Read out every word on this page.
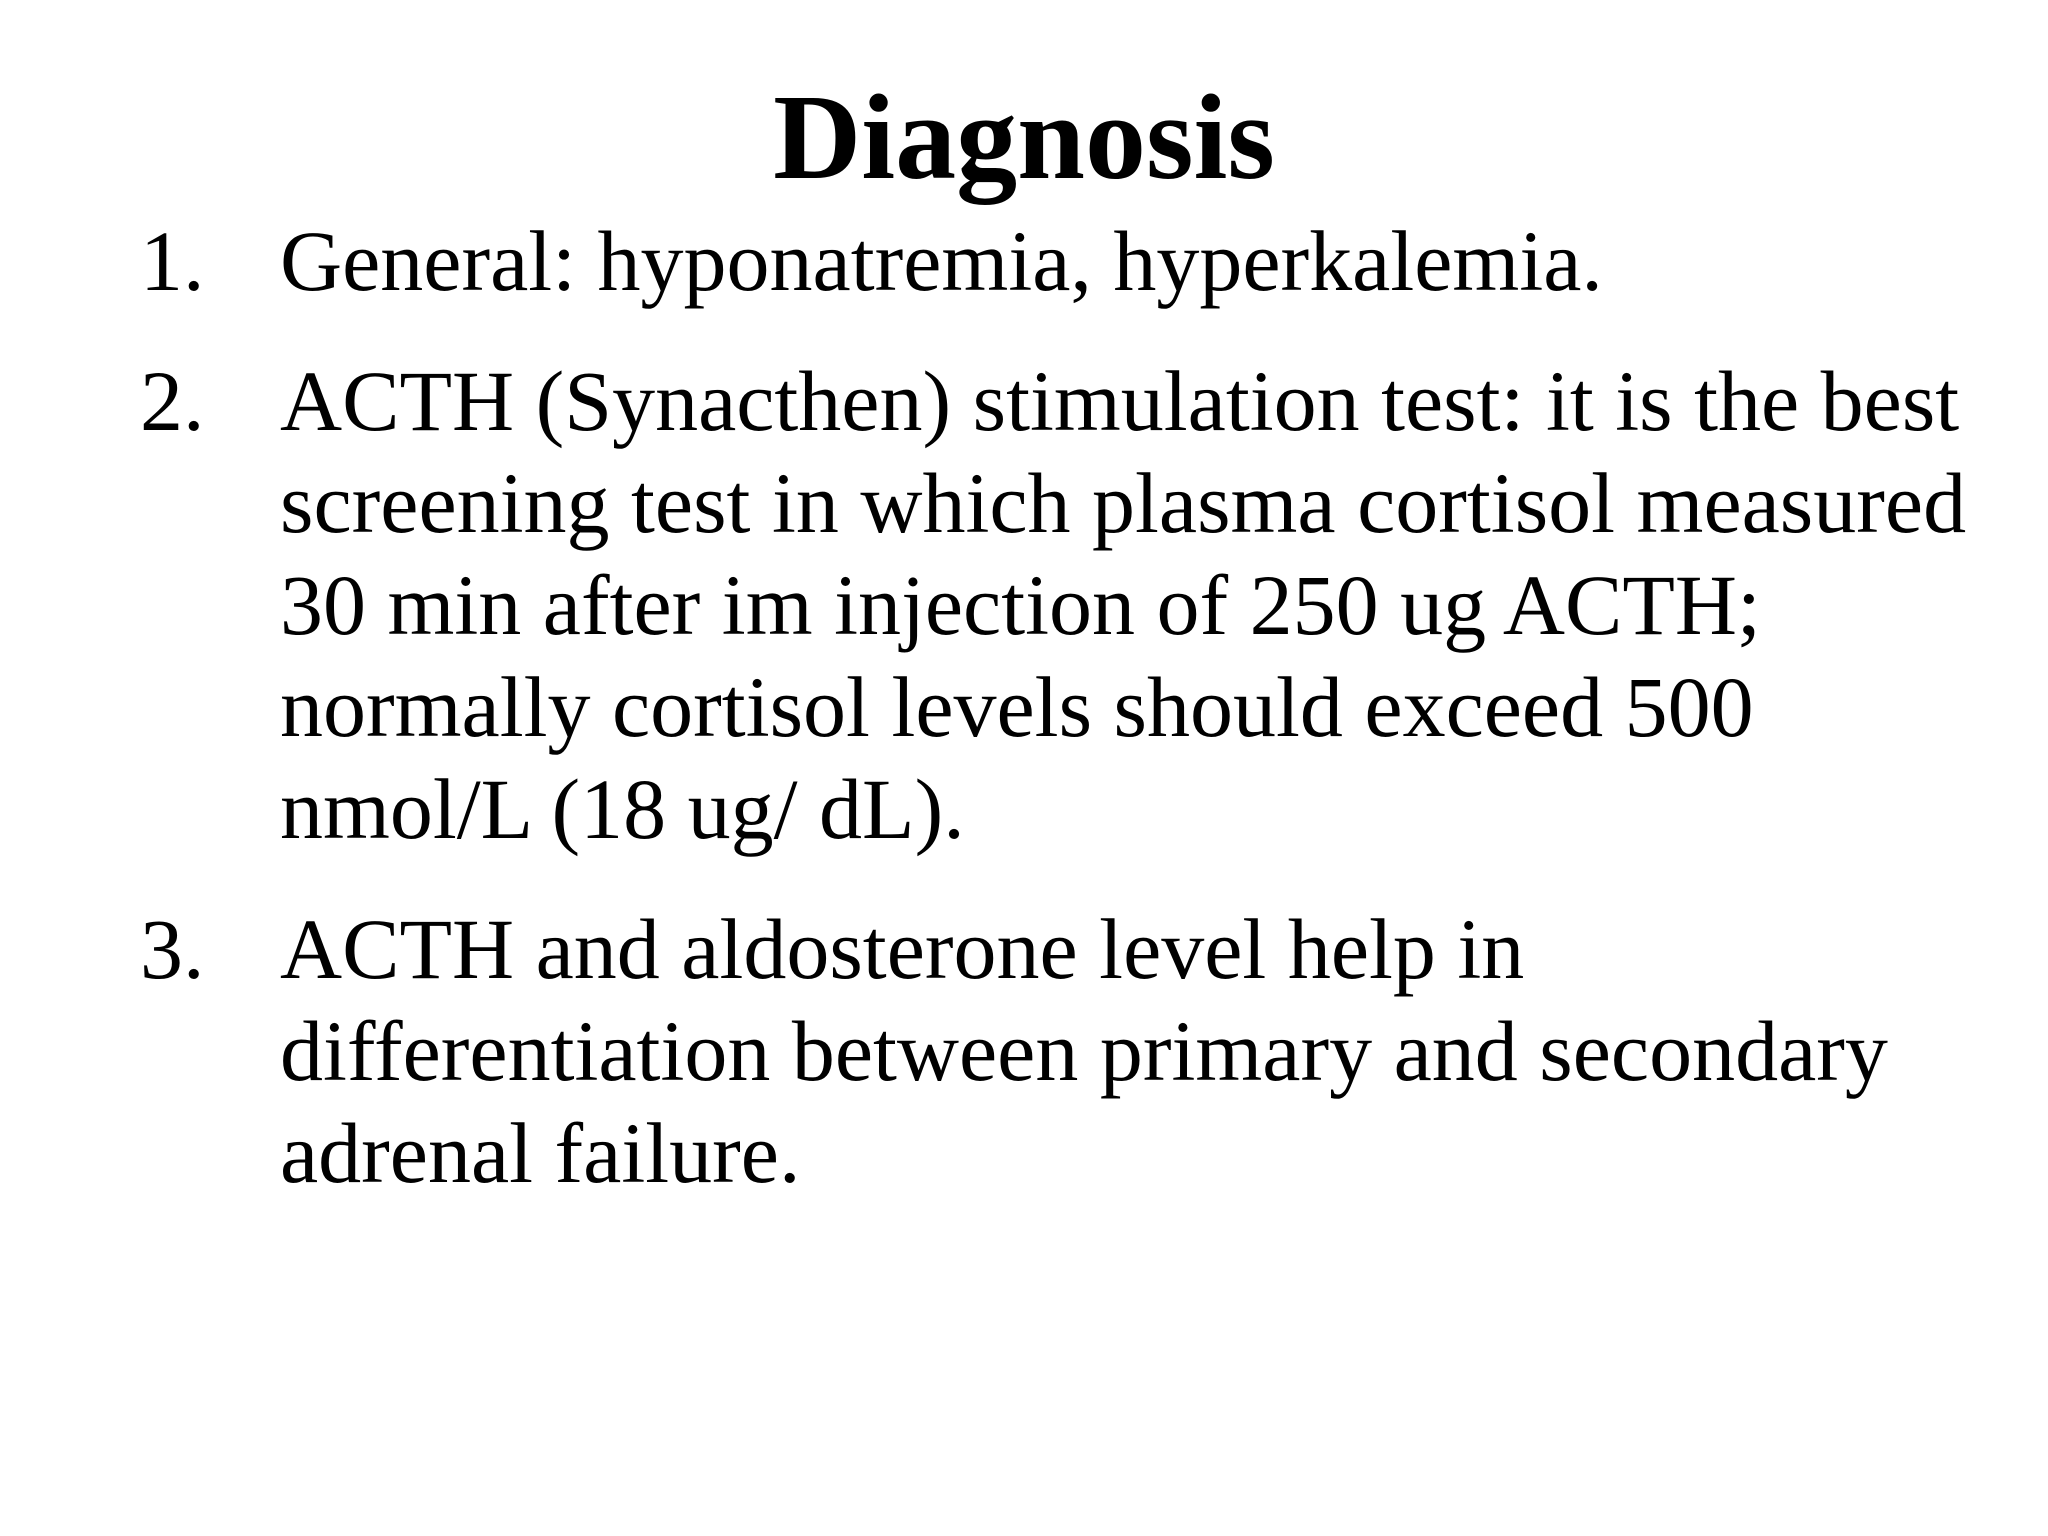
Diagnosis
1. General: hyponatremia, hyperkalemia.
2. ACTH (Synacthen) stimulation test: it is the best screening test in which plasma cortisol measured 30 min after im injection of 250 ug ACTH; normally cortisol levels should exceed 500 nmol/L (18 ug/ dL).
3. ACTH and aldosterone level help in differentiation between primary and secondary adrenal failure.
